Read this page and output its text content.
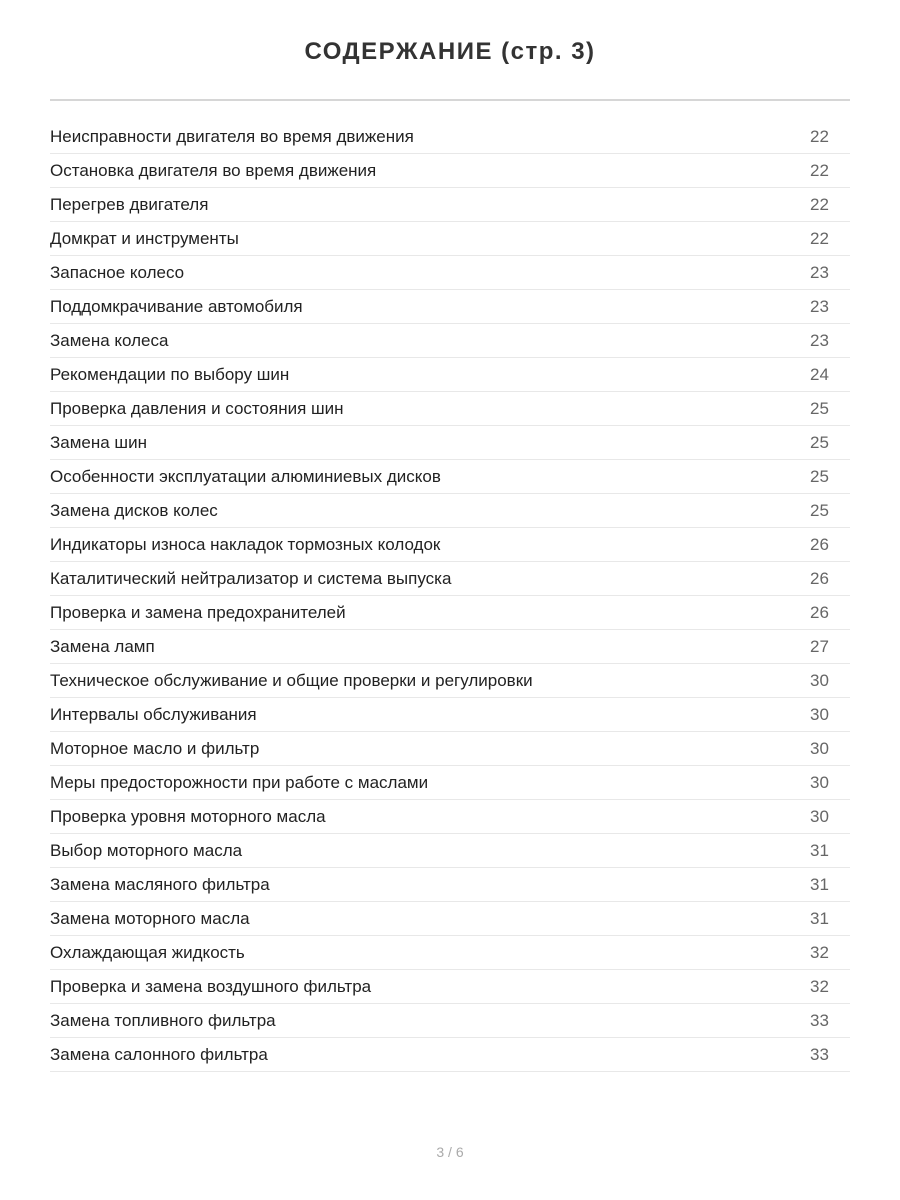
СОДЕРЖАНИЕ (стр. 3)
Неисправности двигателя во время движения	22
Остановка двигателя во время движения	22
Перегрев двигателя	22
Домкрат и инструменты	22
Запасное колесо	23
Поддомкрачивание автомобиля	23
Замена колеса	23
Рекомендации по выбору шин	24
Проверка давления и состояния шин	25
Замена шин	25
Особенности эксплуатации алюминиевых дисков	25
Замена дисков колес	25
Индикаторы износа накладок тормозных колодок	26
Каталитический нейтрализатор и система выпуска	26
Проверка и замена предохранителей	26
Замена ламп	27
Техническое обслуживание и общие проверки и регулировки	30
Интервалы обслуживания	30
Моторное масло и фильтр	30
Меры предосторожности при работе с маслами	30
Проверка уровня моторного масла	30
Выбор моторного масла	31
Замена масляного фильтра	31
Замена моторного масла	31
Охлаждающая жидкость	32
Проверка и замена воздушного фильтра	32
Замена топливного фильтра	33
Замена салонного фильтра	33
3 / 6
